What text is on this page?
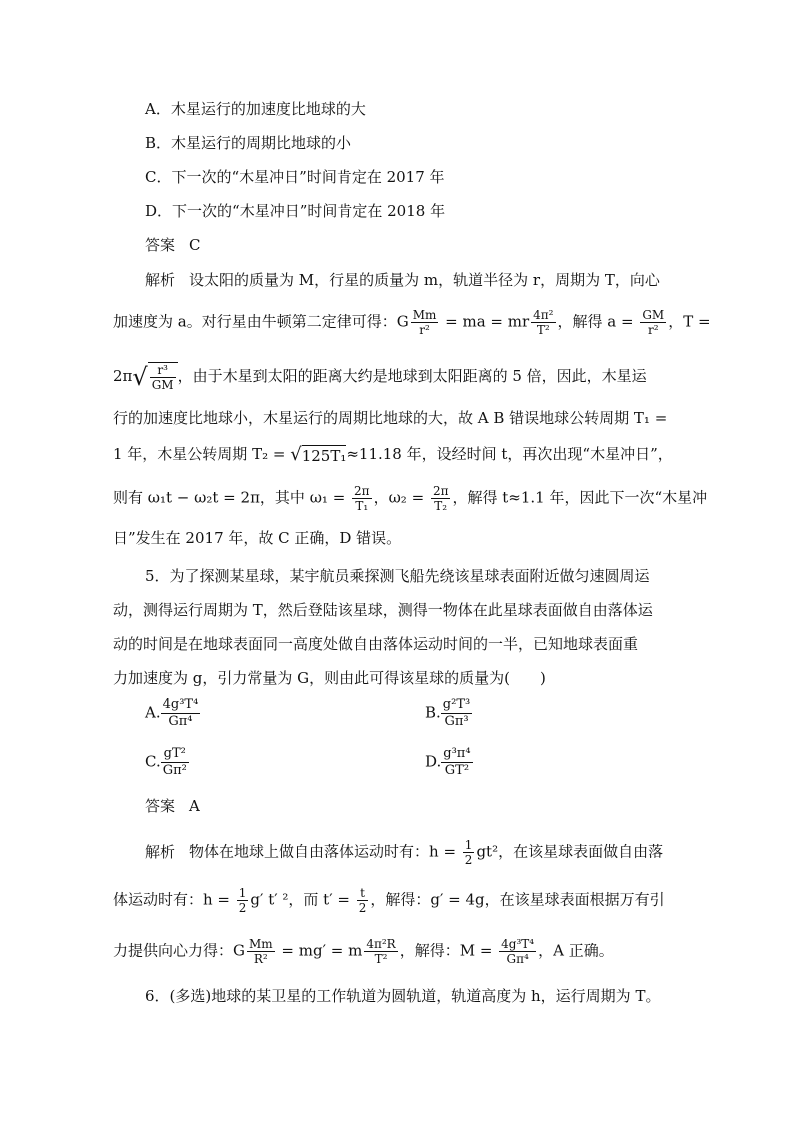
A．木星运行的加速度比地球的大
B．木星运行的周期比地球的小
C．下一次的“木星冲日”时间肯定在 2017 年
D．下一次的“木星冲日”时间肯定在 2018 年
答案 C
解析 设太阳的质量为 M，行星的质量为 m，轨道半径为 r，周期为 T，向心
加速度为 a。对行星由牛顿第二定律可得：G $\frac{Mm}{\text{r²}}$ = ma = mr $\frac{\text{4π²}}{\text{T²}}$ ，解得 $a = \frac{GM}{\text{r²}}$ ，T =
$2\pi√ \frac{\text{r³}}{GM}$ ，由于木星到太阳的距离大约是地球到太阳距离的 5 倍，因此，木星运
行的加速度比地球小，木星运行的周期比地球的大，故 A B 错误地球公转周期 T₁ =
1 年，木星公转周期 T₂ = √125T₁≈11.18 年，设经时间 t，再次出现“木星冲日”，
则有 ω₁t − ω₂t = 2π，其中 $\omega_1 = \frac{2\pi}{\text{T₁}}$ ，$\omega_2 = \frac{2\pi}{\text{T₂}}$ ，解得 t≈1.1 年，因此下一次“木星冲
日”发生在 2017 年，故 C 正确，D 错误。
5．为了探测某星球，某宇航员乘探测飞船先绕该星球表面附近做匀速圆周运
动，测得运行周期为 T，然后登陆该星球，测得一物体在此星球表面做自由落体运
动的时间是在地球表面同一高度处做自由落体运动时间的一半，已知地球表面重
力加速度为 g，引力常量为 G，则由此可得该星球的质量为(　　)
A. $\frac{\text{4g³T⁴}}{\text{Gπ⁴}}$	B. $\frac{\text{g²T³}}{\text{Gπ³}}$
C. $\frac{\text{gT²}}{\text{Gπ²}}$	D. $\frac{\text{g³π⁴}}{\text{GT²}}$
答案 A
解析 物体在地球上做自由落体运动时有：$h = \frac{1}{2} gt^2$，在该星球表面做自由落
体运动时有：$h = \frac{1}{2} g'$ t′ ²，而 $t' = \frac{t}{2}$ ，解得：g′ = 4g，在该星球表面根据万有引
力提供向心力得：G $\frac{Mm}{\text{R²}} = mg' = m \frac{\text{4π²R}}{\text{T²}}$ ，解得：$M = \frac{\text{4g³T⁴}}{\text{Gπ⁴}}$ ，A 正确。
6．(多选)地球的某卫星的工作轨道为圆轨道，轨道高度为 h，运行周期为 T。
